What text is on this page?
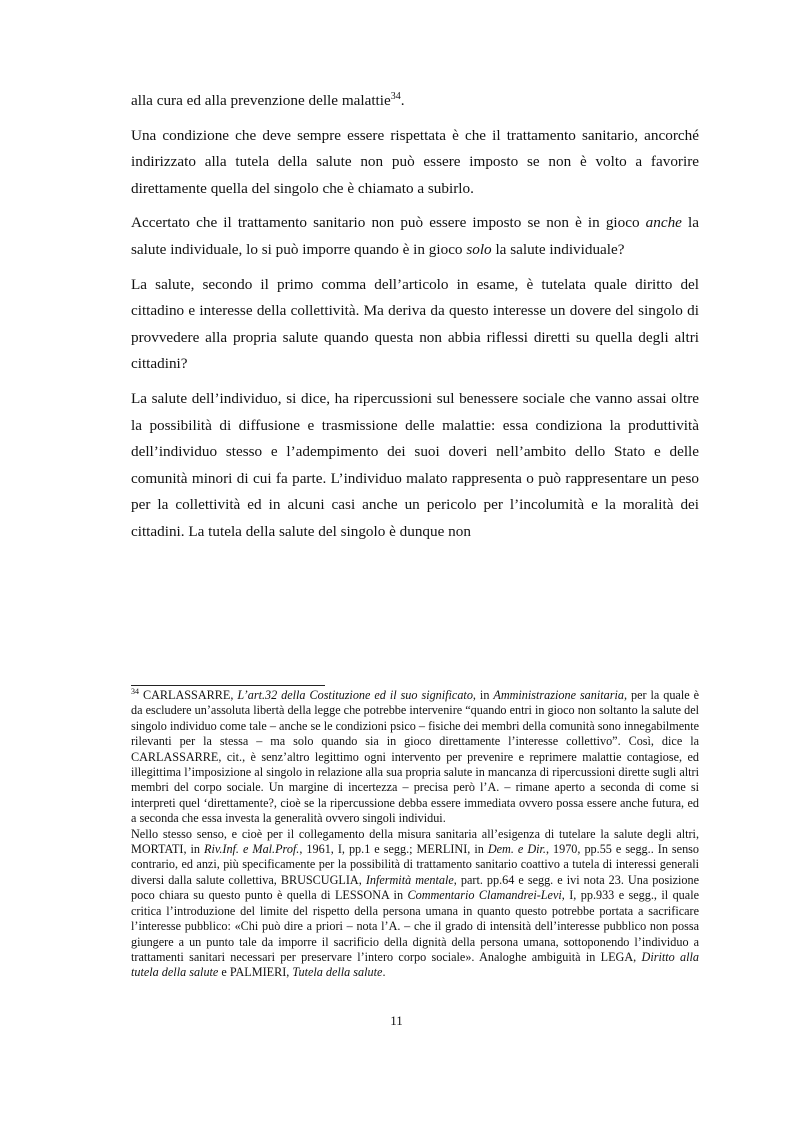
alla cura ed alla prevenzione delle malattie$^{34}$.

Una condizione che deve sempre essere rispettata è che il trattamento sanitario, ancorché indirizzato alla tutela della salute non può essere imposto se non è volto a favorire direttamente quella del singolo che è chiamato a subirlo.

Accertato che il trattamento sanitario non può essere imposto se non è in gioco anche la salute individuale, lo si può imporre quando è in gioco solo la salute individuale?

La salute, secondo il primo comma dell’articolo in esame, è tutelata quale diritto del cittadino e interesse della collettività. Ma deriva da questo interesse un dovere del singolo di provvedere alla propria salute quando questa non abbia riflessi diretti su quella degli altri cittadini?

La salute dell’individuo, si dice, ha ripercussioni sul benessere sociale che vanno assai oltre la possibilità di diffusione e trasmissione delle malattie: essa condiziona la produttività dell’individuo stesso e l’adempimento dei suoi doveri nell’ambito dello Stato e delle comunità minori di cui fa parte. L’individuo malato rappresenta o può rappresentare un peso per la collettività ed in alcuni casi anche un pericolo per l’incolumità e la moralità dei cittadini. La tutela della salute del singolo è dunque non

$^{34}$ CARLASSARRE, L’art.32 della Costituzione ed il suo significato, in Amministrazione sanitaria, per la quale è da escludere un’assoluta libertà della legge che potrebbe intervenire “quando entri in gioco non soltanto la salute del singolo individuo come tale – anche se le condizioni psico – fisiche dei membri della comunità sono innegabilmente rilevanti per la stessa – ma solo quando sia in gioco direttamente l’interesse collettivo”. Così, dice la CARLASSARRE, cit., è senz’altro legittimo ogni intervento per prevenire e reprimere malattie contagiose, ed illegittima l’imposizione al singolo in relazione alla sua propria salute in mancanza di ripercussioni dirette sugli altri membri del corpo sociale. Un margine di incertezza – precisa però l’A. – rimane aperto a seconda di come si interpreti quel ‘direttamente?, cioè se la ripercussione debba essere immediata ovvero possa essere anche futura, ed a seconda che essa investa la generalità ovvero singoli individui.

Nello stesso senso, e cioè per il collegamento della misura sanitaria all’esigenza di tutelare la salute degli altri, MORTATI, in Riv.Inf. e Mal.Prof., 1961, I, pp.1 e segg.; MERLINI, in Dem. e Dir., 1970, pp.55 e segg.. In senso contrario, ed anzi, più specificamente per la possibilità di trattamento sanitario coattivo a tutela di interessi generali diversi dalla salute collettiva, BRUSCUGLIA, Infermità mentale, part. pp.64 e segg. e ivi nota 23. Una posizione poco chiara su questo punto è quella di LESSONA in Commentario Clamandrei-Levi, I, pp.933 e segg., il quale critica l’introduzione del limite del rispetto della persona umana in quanto questo potrebbe portata a sacrificare l’interesse pubblico: «Chi può dire a priori – nota l’A. – che il grado di intensità dell’interesse pubblico non possa giungere a un punto tale da imporre il sacrificio della dignità della persona umana, sottoponendo l’individuo a trattamenti sanitari necessari per preservare l’intero corpo sociale». Analoghe ambiguità in LEGA, Diritto alla tutela della salute e PALMIERI, Tutela della salute.

11
